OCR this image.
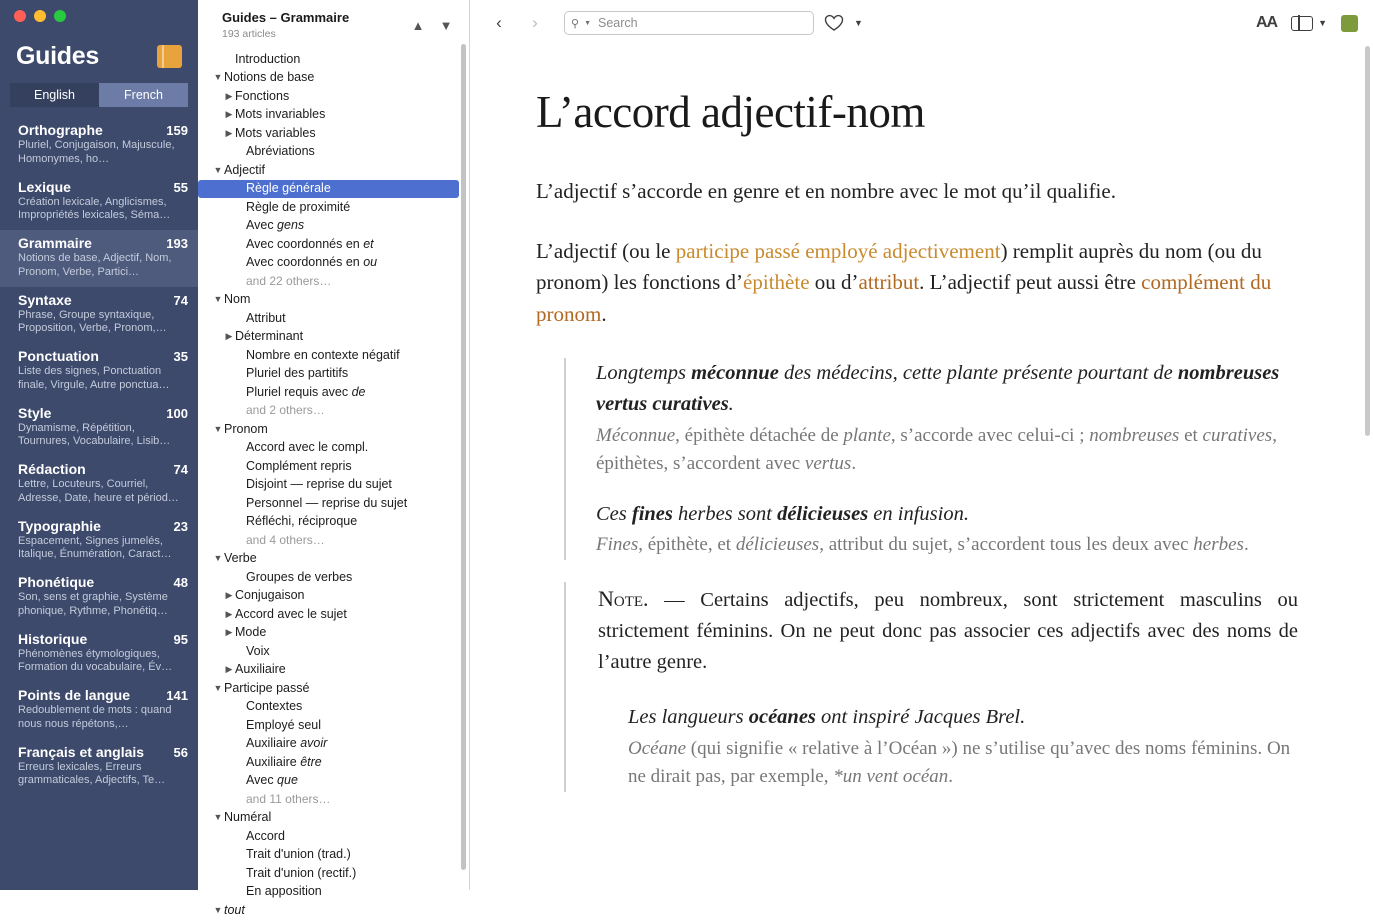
Guides
English	French
Orthographe	159
Pluriel, Conjugaison, Majuscule, Homonymes, ho…
Lexique	55
Création lexicale, Anglicismes, Impropriétés lexicales, Séma…
Grammaire	193
Notions de base, Adjectif, Nom, Pronom, Verbe, Partici…
Syntaxe	74
Phrase, Groupe syntaxique, Proposition, Verbe, Pronom,…
Ponctuation	35
Liste des signes, Ponctuation finale, Virgule, Autre ponctua…
Style	100
Dynamisme, Répétition, Tournures, Vocabulaire, Lisib…
Rédaction	74
Lettre, Locuteurs, Courriel, Adresse, Date, heure et périod…
Typographie	23
Espacement, Signes jumelés, Italique, Énumération, Caract…
Phonétique	48
Son, sens et graphie, Système phonique, Rythme, Phonétiq…
Historique	95
Phénomènes étymologiques, Formation du vocabulaire, Év…
Points de langue	141
Redoublement de mots : quand nous nous répétons,…
Français et anglais	56
Erreurs lexicales, Erreurs grammaticales, Adjectifs, Te…
Guides – Grammaire
193 articles
▲	▼
Introduction
▼ Notions de base
▶ Fonctions
▶ Mots invariables
▶ Mots variables
Abréviations
▼ Adjectif
Règle générale
Règle de proximité
Avec gens
Avec coordonnés en et
Avec coordonnés en ou
and 22 others…
▼ Nom
Attribut
▶ Déterminant
Nombre en contexte négatif
Pluriel des partitifs
Pluriel requis avec de
and 2 others…
▼ Pronom
Accord avec le compl.
Complément repris
Disjoint — reprise du sujet
Personnel — reprise du sujet
Réfléchi, réciproque
and 4 others…
▼ Verbe
Groupes de verbes
▶ Conjugaison
▶ Accord avec le sujet
▶ Mode
Voix
▶ Auxiliaire
▼ Participe passé
Contextes
Employé seul
Auxiliaire avoir
Auxiliaire être
Avec que
and 11 others…
▼ Numéral
Accord
Trait d'union (trad.)
Trait d'union (rectif.)
En apposition
▼ tout
‹	›	⚲ ▼
Search	▼	AA	▼
L’accord adjectif-nom

L’adjectif s’accorde en genre et en nombre avec le mot qu’il qualifie.

L’adjectif (ou le participe passé employé adjectivement) remplit auprès du nom (ou du pronom) les fonctions d’épithète ou d’attribut. L’adjectif peut aussi être complément du pronom.

Longtemps méconnue des médecins, cette plante présente pourtant de nombreuses vertus curatives.

Méconnue, épithète détachée de plante, s’accorde avec celui-ci ; nombreuses et curatives, épithètes, s’accordent avec vertus.

Ces fines herbes sont délicieuses en infusion.

Fines, épithète, et délicieuses, attribut du sujet, s’accordent tous les deux avec herbes.

Note. — Certains adjectifs, peu nombreux, sont strictement masculins ou strictement féminins. On ne peut donc pas associer ces adjectifs avec des noms de l’autre genre.

Les langueurs océanes ont inspiré Jacques Brel.

Océane (qui signifie « relative à l’Océan ») ne s’utilise qu’avec des noms féminins. On ne dirait pas, par exemple, *un vent océan.
